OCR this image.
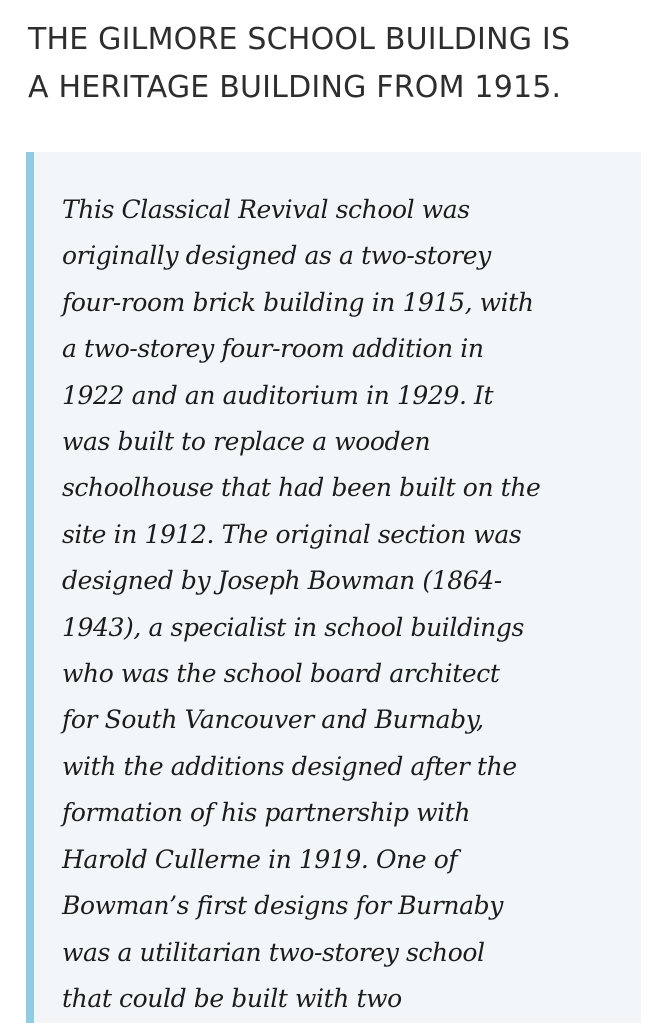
THE GILMORE SCHOOL BUILDING IS
A HERITAGE BUILDING FROM 1915.
This Classical Revival school was
originally designed as a two-storey
four-room brick building in 1915, with
a two-storey four-room addition in
1922 and an auditorium in 1929. It
was built to replace a wooden
schoolhouse that had been built on the
site in 1912. The original section was
designed by Joseph Bowman (1864-
1943), a specialist in school buildings
who was the school board architect
for South Vancouver and Burnaby,
with the additions designed after the
formation of his partnership with
Harold Cullerne in 1919. One of
Bowman’s first designs for Burnaby
was a utilitarian two-storey school
that could be built with two
